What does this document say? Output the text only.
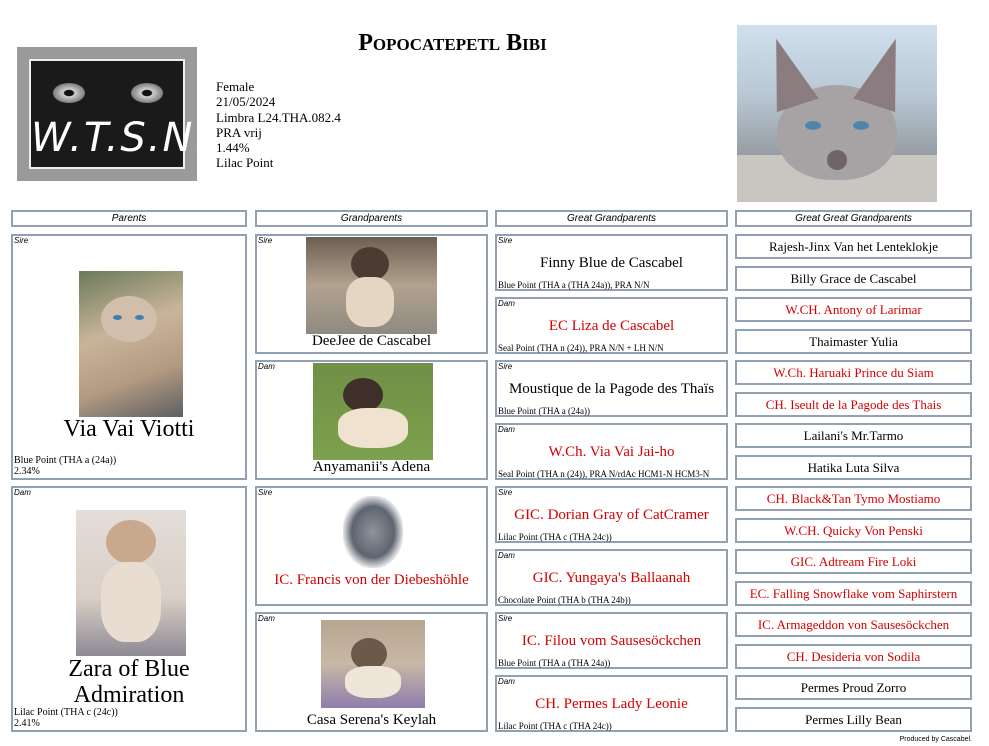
W.T.S.N.
Popocatepetl Bibi
Female
21/05/2024
Limbra L24.THA.082.4
PRA vrij
1.44%
Lilac Point
Parents	Grandparents	Great Grandparents	Great Great Grandparents
Sire
Via Vai Viotti
Blue Point (THA a (24a))
2.34%
Dam
Zara of Blue Admiration
Lilac Point (THA c (24c))
2.41%
Sire
DeeJee de Cascabel
Dam
Anyamanii's Adena
Sire
IC. Francis von der Diebeshöhle
Dam
Casa Serena's Keylah
Sire
Finny Blue de Cascabel
Blue Point (THA a (THA 24a)), PRA N/N
Dam
EC Liza de Cascabel
Seal Point (THA n (24)), PRA N/N + LH N/N
Sire
Moustique de la Pagode des Thaïs
Blue Point (THA a (24a))
Dam
W.Ch. Via Vai Jai-ho
Seal Point (THA n (24)), PRA N/rdAc HCM1-N HCM3-N
Sire
GIC. Dorian Gray of CatCramer
Lilac Point (THA c (THA 24c))
Dam
GIC. Yungaya's Ballaanah
Chocolate Point (THA b (THA 24b))
Sire
IC. Filou vom Sausesöckchen
Blue Point (THA a (THA 24a))
Dam
CH. Permes Lady Leonie
Lilac Point (THA c (THA 24c))
Rajesh-Jinx Van het Lenteklokje
Billy Grace de Cascabel
W.CH. Antony of Larimar
Thaimaster Yulia
W.Ch. Haruaki Prince du Siam
CH. Iseult de la Pagode des Thais
Lailani's Mr.Tarmo
Hatika Luta Silva
CH. Black&Tan Tymo Mostiamo
W.CH. Quicky Von Penski
GIC. Adtream Fire Loki
EC. Falling Snowflake vom Saphirstern
IC. Armageddon von Sausesöckchen
CH. Desideria von Sodila
Permes Proud Zorro
Permes Lilly Bean
Produced by Cascabel.
